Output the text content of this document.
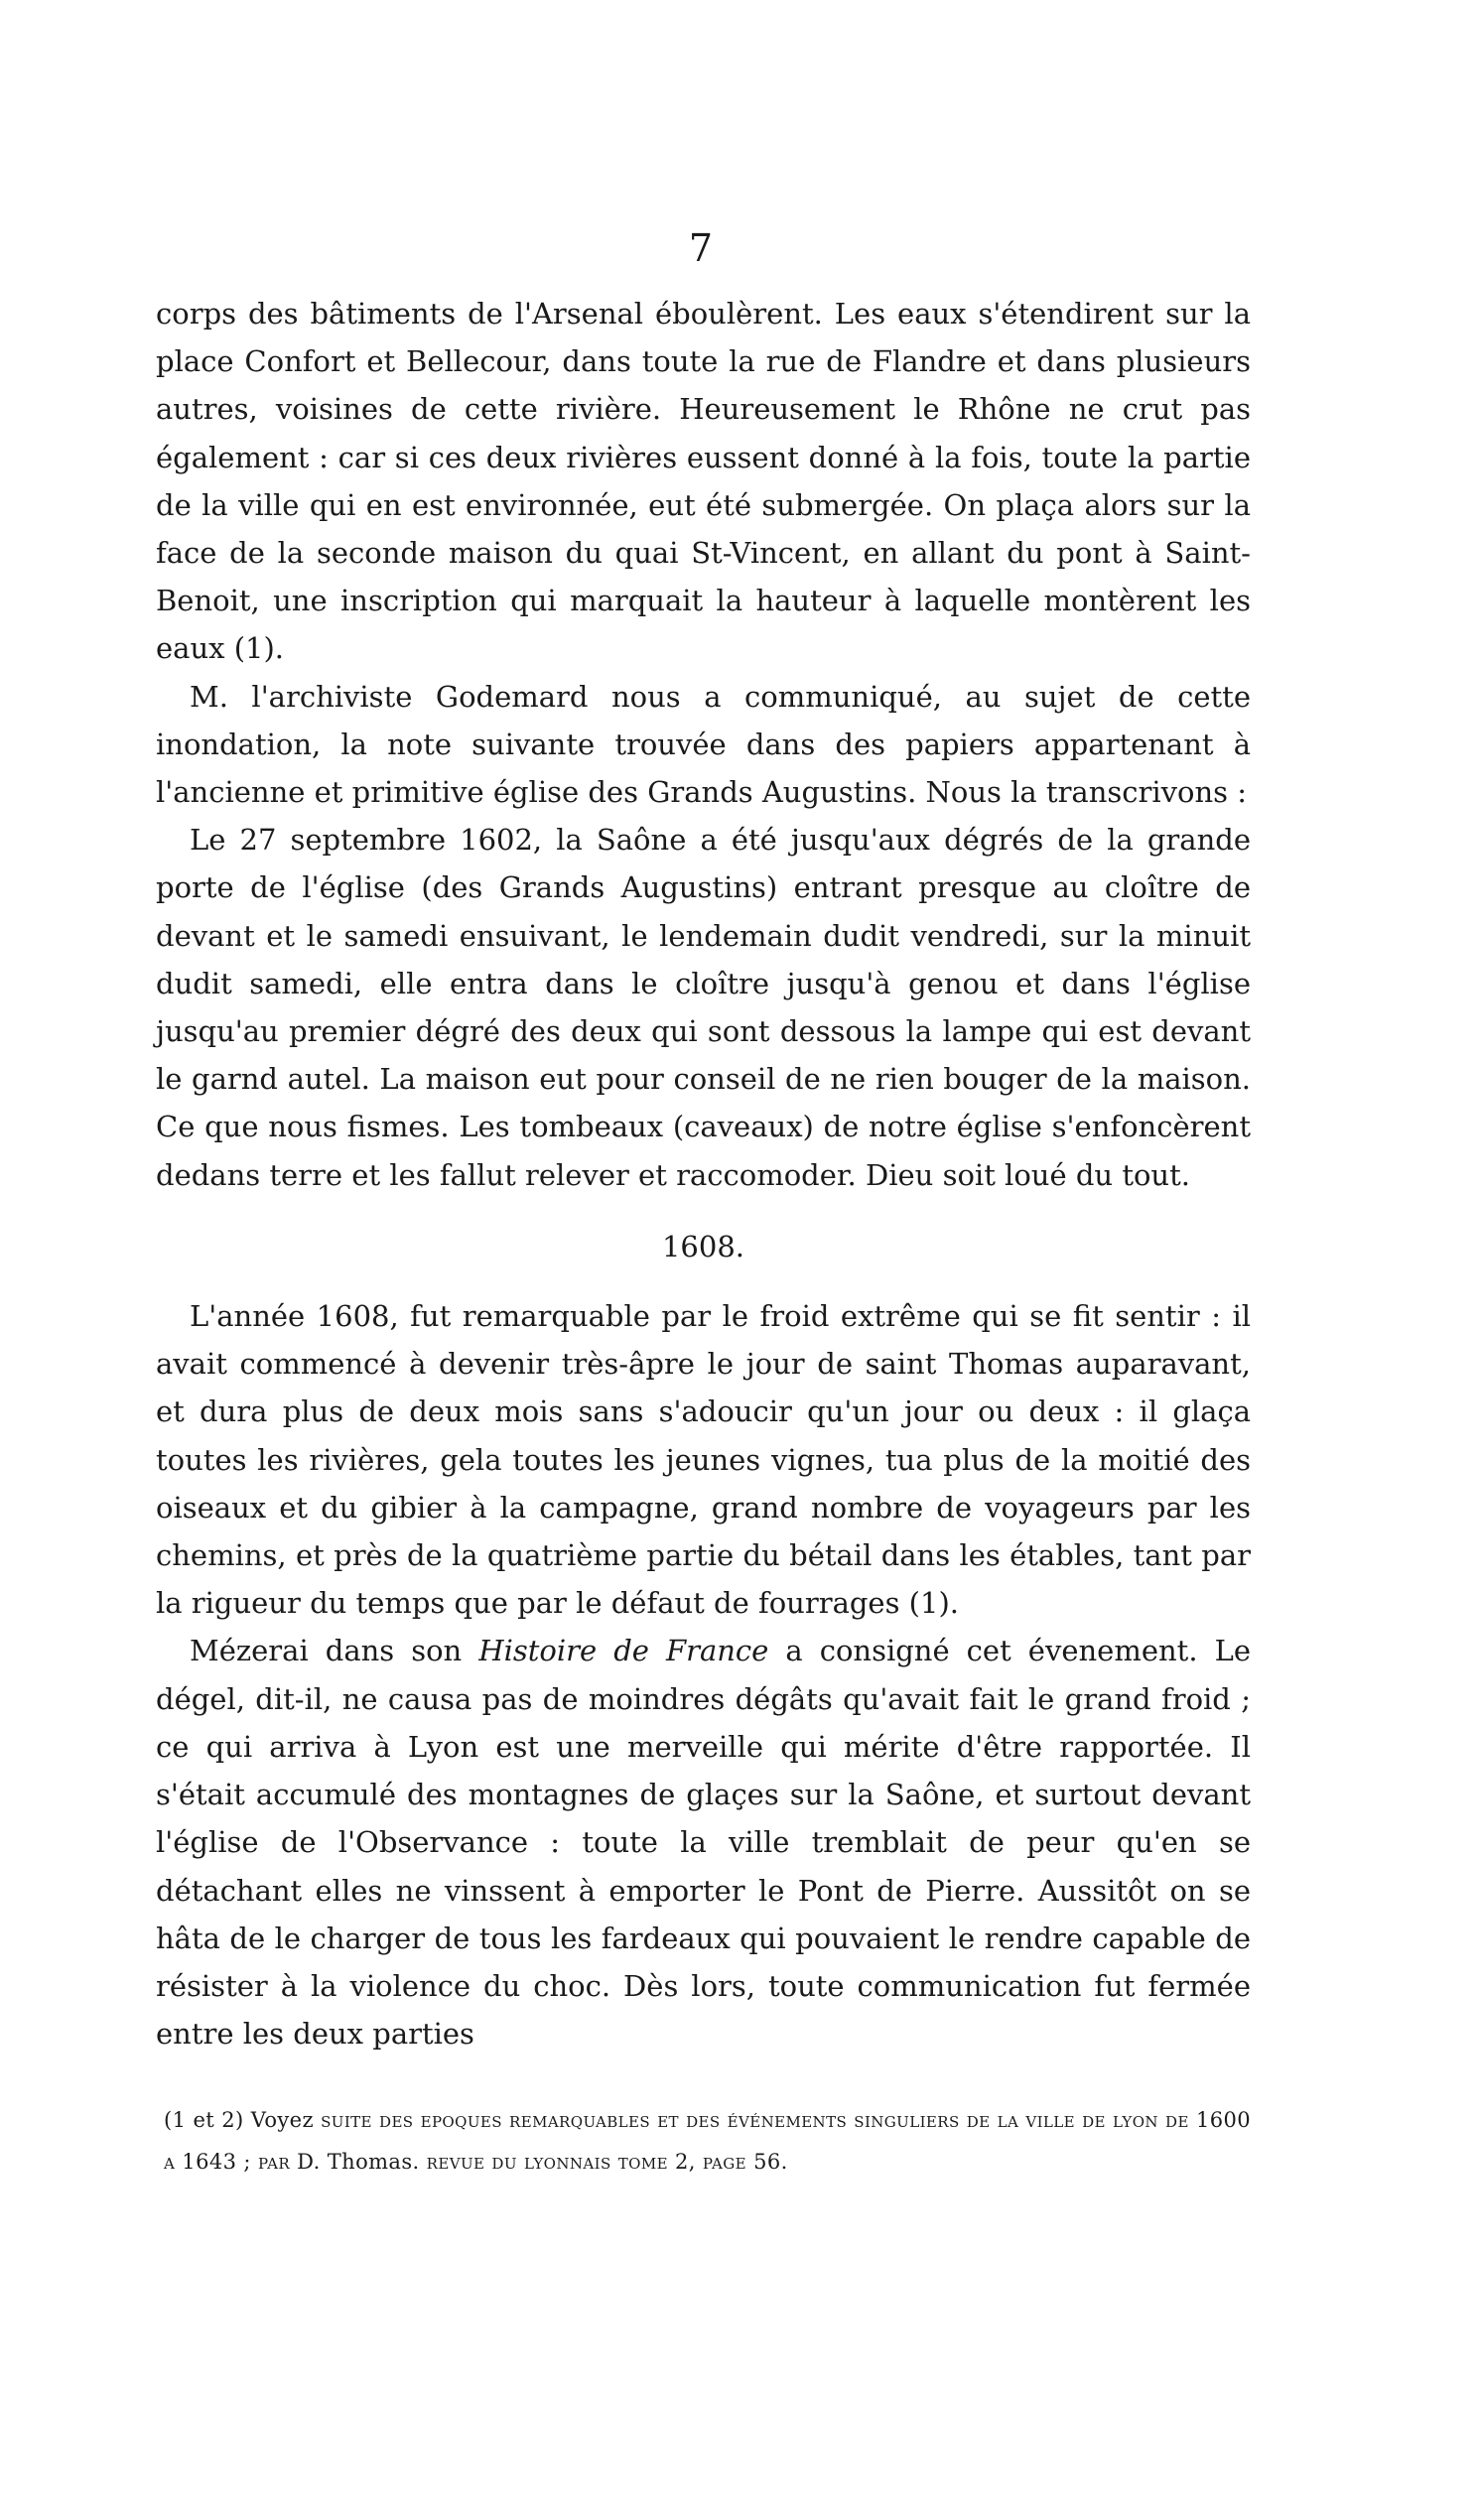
7

corps des bâtiments de l'Arsenal éboulèrent. Les eaux s'étendirent sur la place Confort et Bellecour, dans toute la rue de Flandre et dans plusieurs autres, voisines de cette rivière. Heureusement le Rhône ne crut pas également : car si ces deux rivières eussent donné à la fois, toute la partie de la ville qui en est environnée, eut été submergée. On plaça alors sur la face de la seconde maison du quai St-Vincent, en allant du pont à Saint-Benoit, une inscription qui marquait la hauteur à laquelle montèrent les eaux (1).

M. l'archiviste Godemard nous a communiqué, au sujet de cette inondation, la note suivante trouvée dans des papiers appartenant à l'ancienne et primitive église des Grands Augustins. Nous la transcrivons :

Le 27 septembre 1602, la Saône a été jusqu'aux dégrés de la grande porte de l'église (des Grands Augustins) entrant presque au cloître de devant et le samedi ensuivant, le lendemain dudit vendredi, sur la minuit dudit samedi, elle entra dans le cloître jusqu'à genou et dans l'église jusqu'au premier dégré des deux qui sont dessous la lampe qui est devant le garnd autel. La maison eut pour conseil de ne rien bouger de la maison. Ce que nous fismes. Les tombeaux (caveaux) de notre église s'enfoncèrent dedans terre et les fallut relever et raccomoder. Dieu soit loué du tout.

1608.

L'année 1608, fut remarquable par le froid extrême qui se fit sentir : il avait commencé à devenir très-âpre le jour de saint Thomas auparavant, et dura plus de deux mois sans s'adoucir qu'un jour ou deux : il glaça toutes les rivières, gela toutes les jeunes vignes, tua plus de la moitié des oiseaux et du gibier à la campagne, grand nombre de voyageurs par les chemins, et près de la quatrième partie du bétail dans les étables, tant par la rigueur du temps que par le défaut de fourrages (1).

Mézerai dans son Histoire de France a consigné cet évenement. Le dégel, dit-il, ne causa pas de moindres dégâts qu'avait fait le grand froid ; ce qui arriva à Lyon est une merveille qui mérite d'être rapportée. Il s'était accumulé des montagnes de glaçes sur la Saône, et surtout devant l'église de l'Observance : toute la ville tremblait de peur qu'en se détachant elles ne vinssent à emporter le Pont de Pierre. Aussitôt on se hâta de le charger de tous les fardeaux qui pouvaient le rendre capable de résister à la violence du choc. Dès lors, toute communication fut fermée entre les deux parties

(1 et 2) Voyez suite des epoques remarquables et des événements singuliers de la ville de lyon de 1600 a 1643 ; par D. Thomas. revue du lyonnais tome 2, page 56.
